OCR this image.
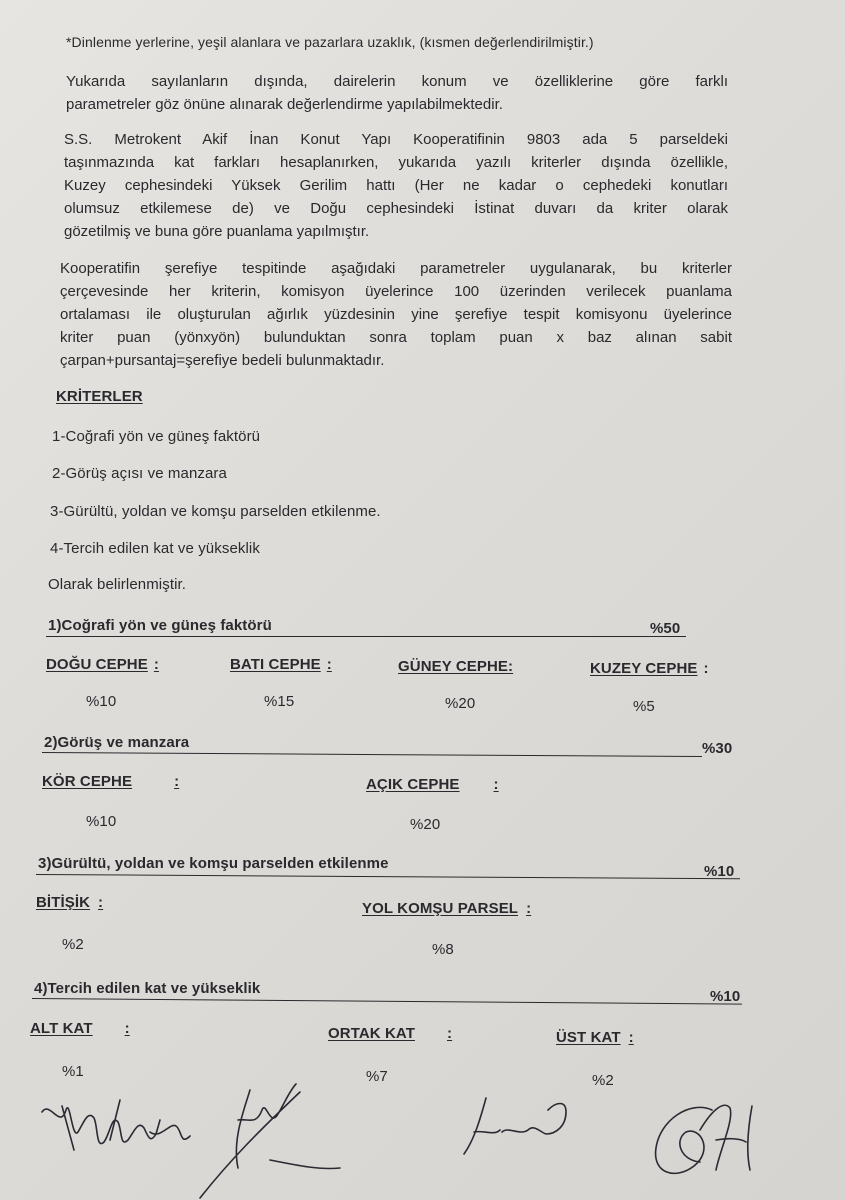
*Dinlenme yerlerine, yeşil alanlara ve pazarlara uzaklık, (kısmen değerlendirilmiştir.)
Yukarıda sayılanların dışında, dairelerin konum ve özelliklerine göre farklı
parametreler göz önüne alınarak değerlendirme yapılabilmektedir.
S.S. Metrokent Akif İnan Konut Yapı Kooperatifinin 9803 ada 5 parseldeki
taşınmazında kat farkları hesaplanırken, yukarıda yazılı kriterler dışında özellikle,
Kuzey cephesindeki Yüksek Gerilim hattı (Her ne kadar o cephedeki konutları
olumsuz etkilemese de) ve Doğu cephesindeki İstinat duvarı da kriter olarak
gözetilmiş ve buna göre puanlama yapılmıştır.
Kooperatifin şerefiye tespitinde aşağıdaki parametreler uygulanarak, bu kriterler
çerçevesinde her kriterin, komisyon üyelerince 100 üzerinden verilecek puanlama
ortalaması ile oluşturulan ağırlık yüzdesinin yine şerefiye tespit komisyonu üyelerince
kriter puan (yönxyön) bulunduktan sonra toplam puan x baz alınan sabit
çarpan+pursantaj=şerefiye bedeli bulunmaktadır.
KRİTERLER
1-Coğrafi yön ve güneş faktörü
2-Görüş açısı ve manzara
3-Gürültü, yoldan ve komşu parselden etkilenme.
4-Tercih edilen kat ve yükseklik
Olarak belirlenmiştir.
1)Coğrafi yön ve güneş faktörü	%50
DOĞU CEPHE :	BATI CEPHE :	GÜNEY CEPHE:	KUZEY CEPHE :
%10	%15	%20	%5
2)Görüş ve manzara	%30
KÖR CEPHE	:	AÇIK CEPHE :
%10	%20
3)Gürültü, yoldan ve komşu parselden etkilenme	%10
BİTİŞİK :	YOL KOMŞU PARSEL :
%2	%8
4)Tercih edilen kat ve yükseklik	%10
ALT KAT :	ORTAK KAT :	ÜST KAT :
%1	%7	%2
